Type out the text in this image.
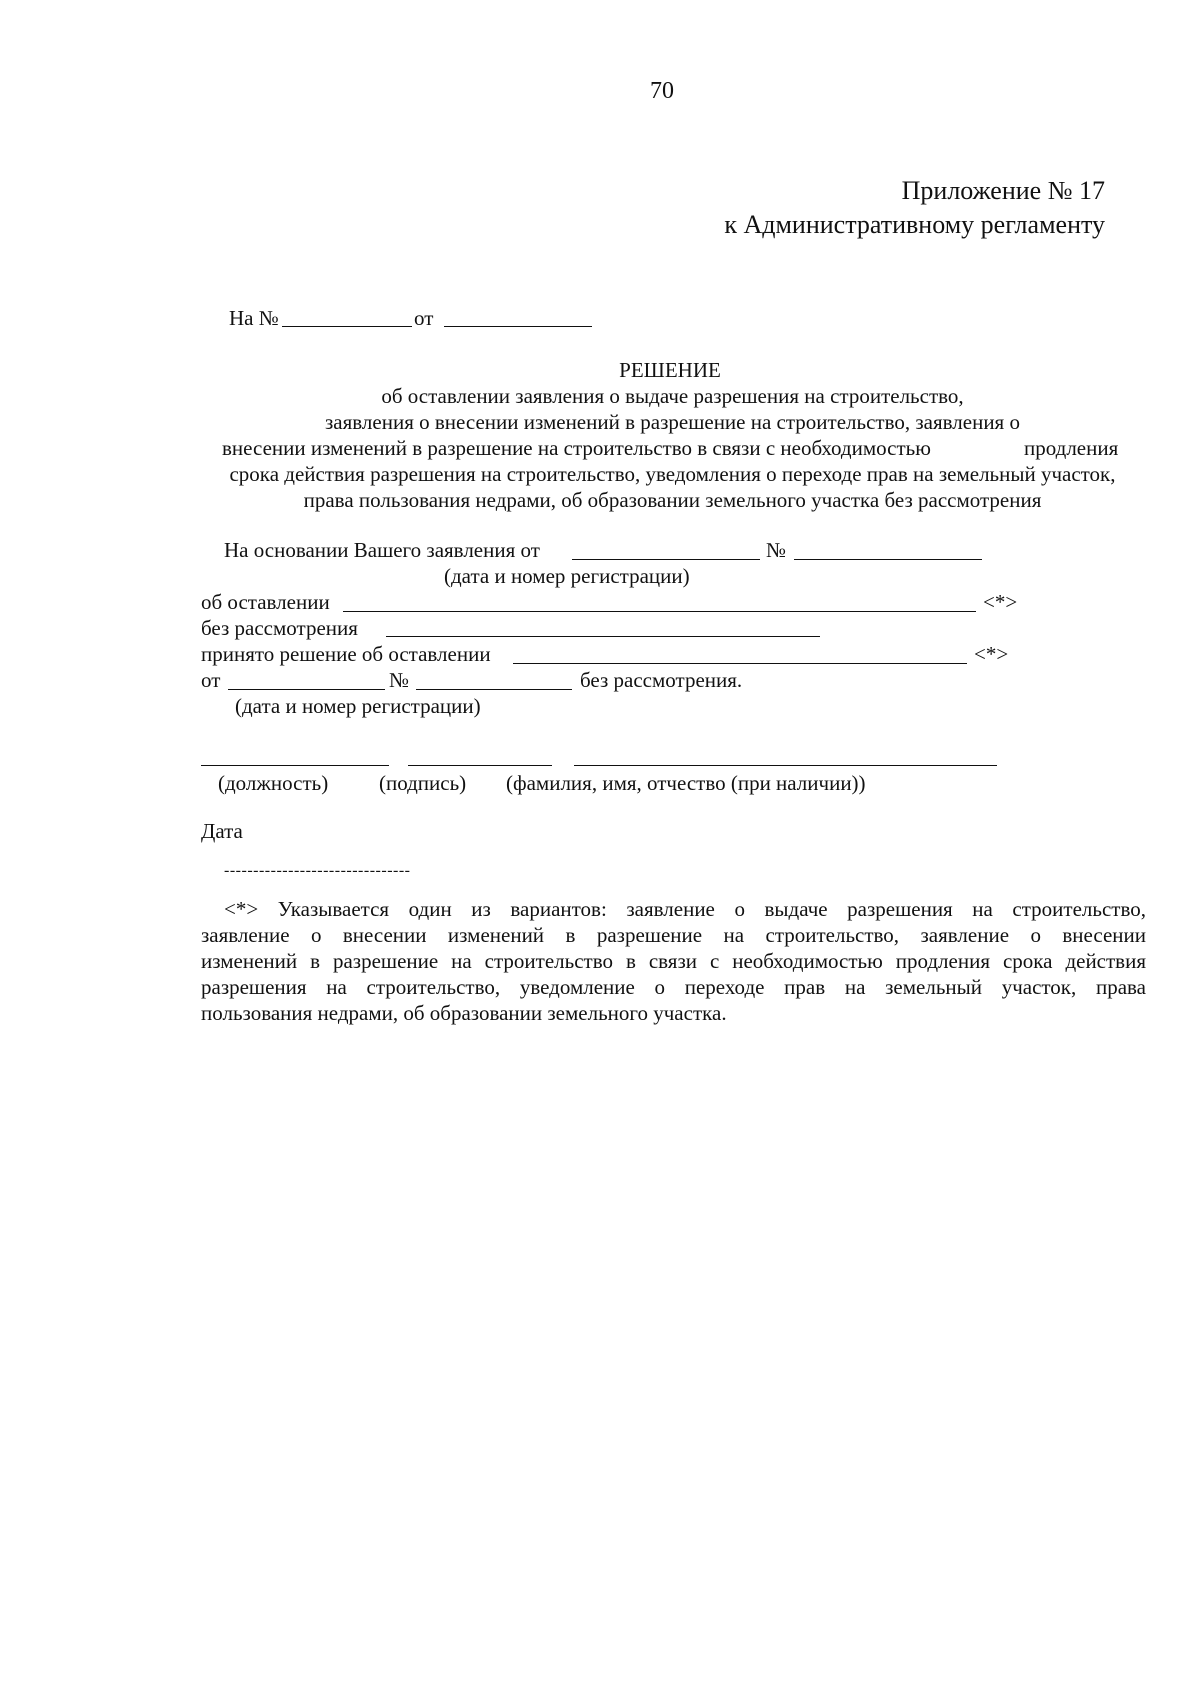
70
Приложение № 17
к Административному регламенту
На №	от
РЕШЕНИЕ
об оставлении заявления о выдаче разрешения на строительство,
заявления о внесении изменений в разрешение на строительство, заявления о
внесении изменений в разрешение на строительство в связи с необходимостью	продления
срока действия разрешения на строительство, уведомления о переходе прав на земельный участок,
права пользования недрами, об образовании земельного участка без рассмотрения
На основании Вашего заявления от	№
(дата и номер регистрации)
об оставлении	<*>
без рассмотрения
принято решение об оставлении	<*>
от	№	без рассмотрения.
(дата и номер регистрации)
(должность) (подпись) (фамилия, имя, отчество (при наличии))
Дата
--------------------------------
<*> Указывается один из вариантов: заявление о выдаче разрешения на строительство,
заявление о внесении изменений в разрешение на строительство, заявление о внесении
изменений в разрешение на строительство в связи с необходимостью продления срока действия
разрешения на строительство, уведомление о переходе прав на земельный участок, права
пользования недрами, об образовании земельного участка.
